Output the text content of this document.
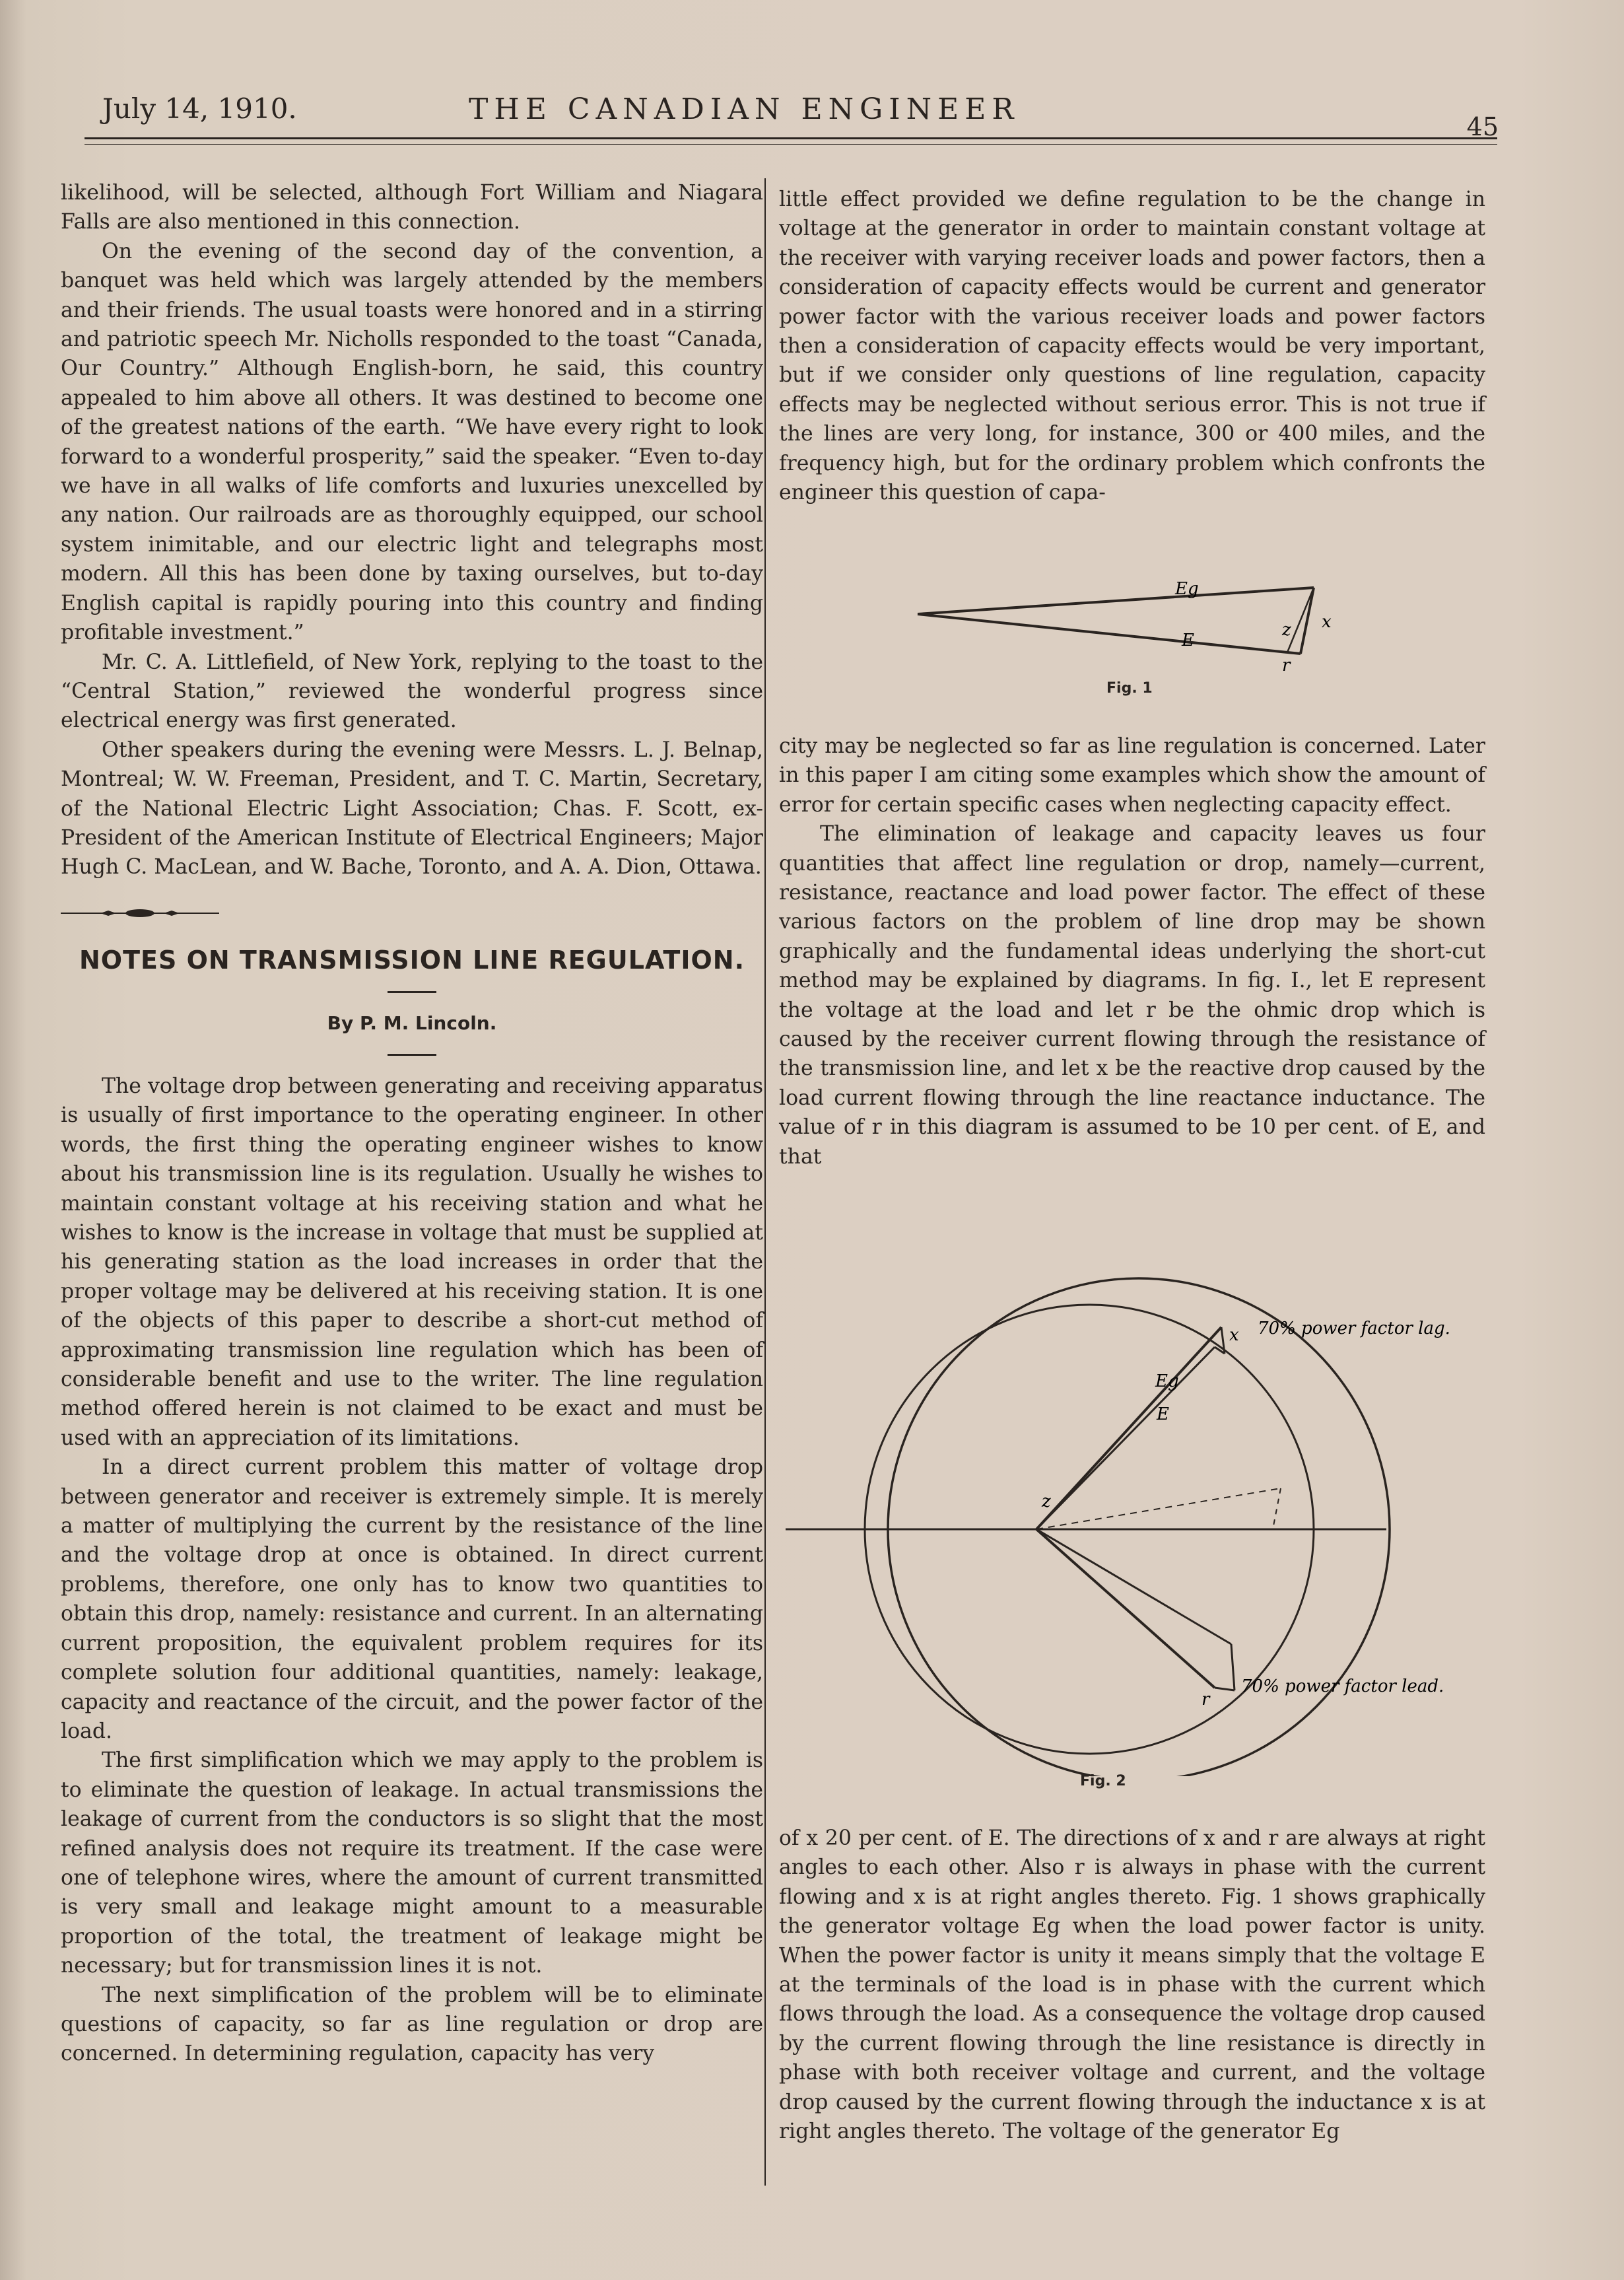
July 14, 1910.	THE CANADIAN ENGINEER
45

likelihood, will be selected, although Fort William and Niagara Falls are also mentioned in this connection.

On the evening of the second day of the convention, a banquet was held which was largely attended by the members and their friends. The usual toasts were honored and in a stirring and patriotic speech Mr. Nicholls responded to the toast “Canada, Our Country.” Although English-born, he said, this country appealed to him above all others. It was destined to become one of the greatest nations of the earth. “We have every right to look forward to a wonderful prosperity,” said the speaker. “Even to-day we have in all walks of life comforts and luxuries unexcelled by any nation. Our railroads are as thoroughly equipped, our school system inimitable, and our electric light and telegraphs most modern. All this has been done by taxing ourselves, but to-day English capital is rapidly pouring into this country and finding profitable investment.”

Mr. C. A. Littlefield, of New York, replying to the toast to the “Central Station,” reviewed the wonderful progress since electrical energy was first generated.

Other speakers during the evening were Messrs. L. J. Belnap, Montreal; W. W. Freeman, President, and T. C. Martin, Secretary, of the National Electric Light Association; Chas. F. Scott, ex-President of the American Institute of Electrical Engineers; Major Hugh C. MacLean, and W. Bache, Toronto, and A. A. Dion, Ottawa.

NOTES ON TRANSMISSION LINE REGULATION.
By P. M. Lincoln.

The voltage drop between generating and receiving apparatus is usually of first importance to the operating engineer. In other words, the first thing the operating engineer wishes to know about his transmission line is its regulation. Usually he wishes to maintain constant voltage at his receiving station and what he wishes to know is the increase in voltage that must be supplied at his generating station as the load increases in order that the proper voltage may be delivered at his receiving station. It is one of the objects of this paper to describe a short-cut method of approximating transmission line regulation which has been of considerable benefit and use to the writer. The line regulation method offered herein is not claimed to be exact and must be used with an appreciation of its limitations.

In a direct current problem this matter of voltage drop between generator and receiver is extremely simple. It is merely a matter of multiplying the current by the resistance of the line and the voltage drop at once is obtained. In direct current problems, therefore, one only has to know two quantities to obtain this drop, namely: resistance and current. In an alternating current proposition, the equivalent problem requires for its complete solution four additional quantities, namely: leakage, capacity and reactance of the circuit, and the power factor of the load.

The first simplification which we may apply to the problem is to eliminate the question of leakage. In actual transmissions the leakage of current from the conductors is so slight that the most refined analysis does not require its treatment. If the case were one of telephone wires, where the amount of current transmitted is very small and leakage might amount to a measurable proportion of the total, the treatment of leakage might be necessary; but for transmission lines it is not.

The next simplification of the problem will be to eliminate questions of capacity, so far as line regulation or drop are concerned. In determining regulation, capacity has very

little effect provided we define regulation to be the change in voltage at the generator in order to maintain constant voltage at the receiver with varying receiver loads and power factors, then a consideration of capacity effects would be current and generator power factor with the various receiver loads and power factors then a consideration of capacity effects would be very important, but if we consider only questions of line regulation, capacity effects may be neglected without serious error. This is not true if the lines are very long, for instance, 300 or 400 miles, and the frequency high, but for the ordinary problem which confronts the engineer this question of capa-

Eg
E
x
z
r
Fig. 1

city may be neglected so far as line regulation is concerned. Later in this paper I am citing some examples which show the amount of error for certain specific cases when neglecting capacity effect.

The elimination of leakage and capacity leaves us four quantities that affect line regulation or drop, namely—current, resistance, reactance and load power factor. The effect of these various factors on the problem of line drop may be shown graphically and the fundamental ideas underlying the short-cut method may be explained by diagrams. In fig. I., let E represent the voltage at the load and let r be the ohmic drop which is caused by the receiver current flowing through the resistance of the transmission line, and let x be the reactive drop caused by the load current flowing through the line reactance inductance. The value of r in this diagram is assumed to be 10 per cent. of E, and that

70% power factor lag.
70% power factor lead.
Eg
E
z
x
r
Fig. 2

of x 20 per cent. of E. The directions of x and r are always at right angles to each other. Also r is always in phase with the current flowing and x is at right angles thereto. Fig. 1 shows graphically the generator voltage Eg when the load power factor is unity. When the power factor is unity it means simply that the voltage E at the terminals of the load is in phase with the current which flows through the load. As a consequence the voltage drop caused by the current flowing through the line resistance is directly in phase with both receiver voltage and current, and the voltage drop caused by the current flowing through the inductance x is at right angles thereto. The voltage of the generator Eg
